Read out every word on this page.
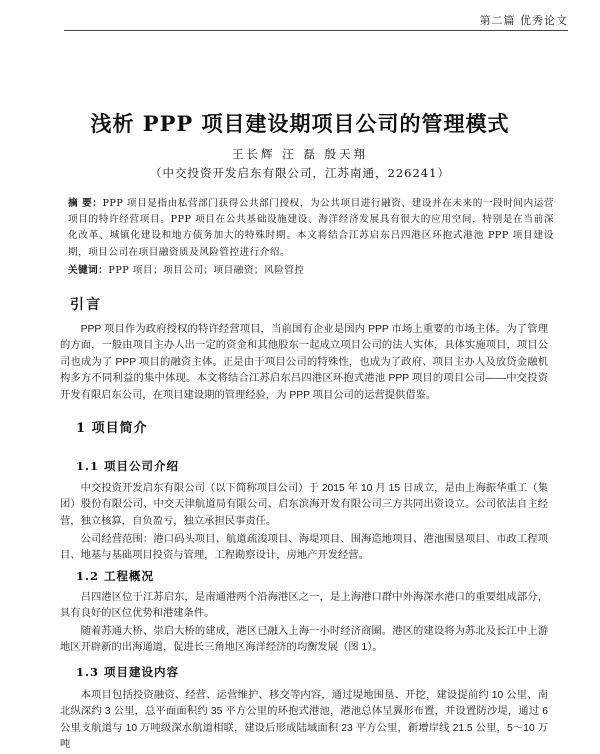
第二篇 优秀论文
浅析 PPP 项目建设期项目公司的管理模式
王长辉 汪 磊 殷天翔
（中交投资开发启东有限公司，江苏南通，226241）
摘 要：PPP 项目是指由私营部门获得公共部门授权，为公共项目进行融资、建设并在未来的一段时间内运营项目的特许经营项目。PPP 项目在公共基础设施建设、海洋经济发展具有很大的应用空间，特别是在当前深化改革、城镇化建设和地方债务加大的特殊时期。本文将结合江苏启东吕四港区环抱式港池 PPP 项目建设期，项目公司在项目融资质及风险管控进行介绍。
关键词：PPP 项目；项目公司；项目融资；风险管控
引言
PPP 项目作为政府授权的特许经营项目，当前国有企业是国内 PPP 市场上重要的市场主体。为了管理的方面，一般由项目主办人出一定的资金和其他股东一起成立项目公司的法人实体，具体实施项目，项目公司也成为了 PPP 项目的融资主体。正是由于项目公司的特殊性，也成为了政府、项目主办人及放贷金融机构多方不同利益的集中体现。本文将结合江苏启东吕四港区环抱式港池 PPP 项目的项目公司——中交投资开发有限启东公司，在项目建设期的管理经验，为 PPP 项目公司的运营提供借鉴。
1 项目简介
1.1 项目公司介绍
中交投资开发启东有限公司（以下简称项目公司）于 2015 年 10 月 15 日成立，是由上海振华重工（集团）股份有限公司、中交天津航道局有限公司、启东滨海开发有限公司三方共同出资设立。公司依法自主经营，独立核算，自负盈亏，独立承担民事责任。
公司经营范围：港口码头项目、航道疏浚项目、海堤项目、围海造地项目、港池围垦项目、市政工程项目、地基与基础项目投资与管理，工程勘察设计，房地产开发经营。
1.2 工程概况
吕四港区位于江苏启东，是南通港两个沿海港区之一，是上海港口群中外海深水港口的重要组成部分，具有良好的区位优势和港建条件。
随着苏通大桥、崇启大桥的建成，港区已融入上海一小时经济商圈。港区的建设将为苏北及长江中上游地区开辟新的出海通道，促进长三角地区海洋经济的均衡发展（图 1）。
1.3 项目建设内容
本项目包括投资融资、经营、运营维护、移交等内容，通过堤地围垦、开挖，建设提前约 10 公里、南北纵深约 3 公里，总平面面积约 35 平方公里的环抱式港池，港池总体呈翼形布置，并设置防沙堤，通过 6 公里支航道与 10 万吨级深水航道相联，建设后形成陆域面积 23 平方公里，新增岸线 21.5 公里，5～10 万吨
